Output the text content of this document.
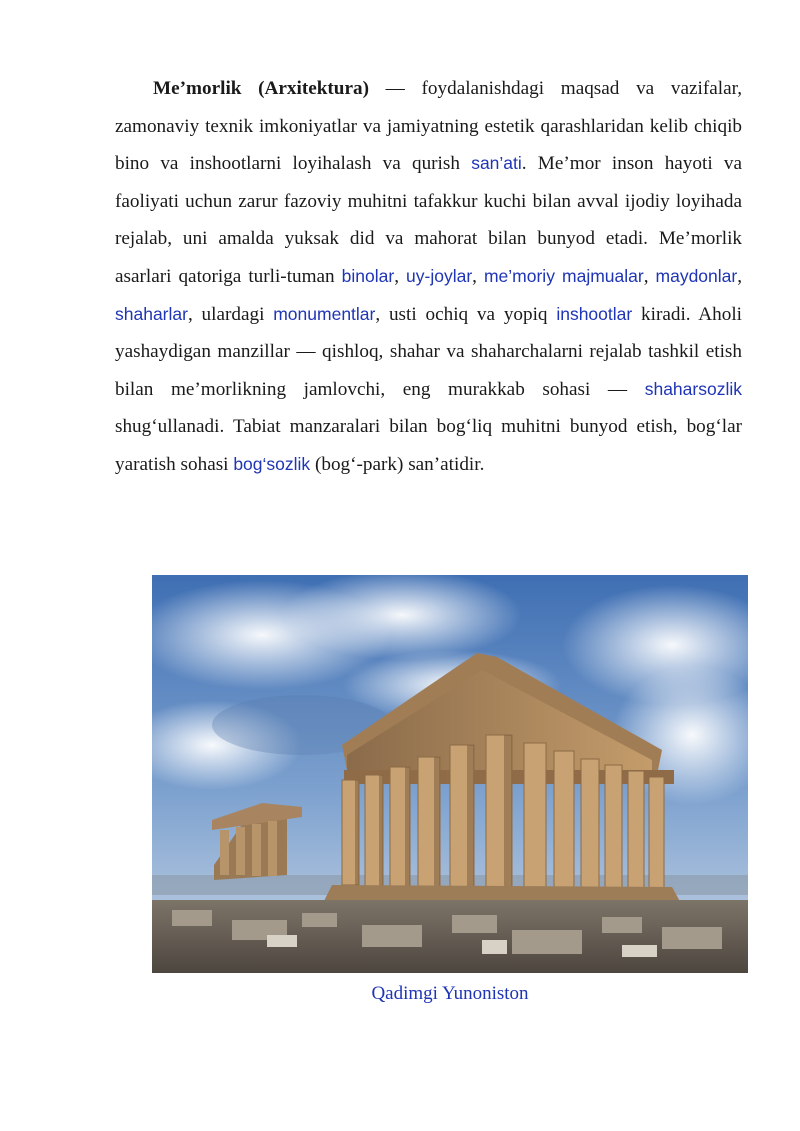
Me’morlik (Arxitektura) — foydalanishdagi maqsad va vazifalar, zamonaviy texnik imkoniyatlar va jamiyatning estetik qarashlaridan kelib chiqib bino va inshootlarni loyihalash va qurish san’ati. Me’mor inson hayoti va faoliyati uchun zarur fazoviy muhitni tafakkur kuchi bilan avval ijodiy loyihada rejalab, uni amalda yuksak did va mahorat bilan bunyod etadi. Me’morlik asarlari qatoriga turli-tuman binolar, uy-joylar, me’moriy majmualar, maydonlar, shaharlar, ulardagi monumentlar, usti ochiq va yopiq inshootlar kiradi. Aholi yashaydigan manzillar — qishloq, shahar va shaharchalarni rejalab tashkil etish bilan me’morlikning jamlovchi, eng murakkab sohasi — shaharsozlik shug‘ullanadi. Tabiat manzaralari bilan bog‘liq muhitni bunyod etish, bog‘lar yaratish sohasi bog‘sozlik (bog‘-park) san’atidir.

Qadimgi Yunoniston
